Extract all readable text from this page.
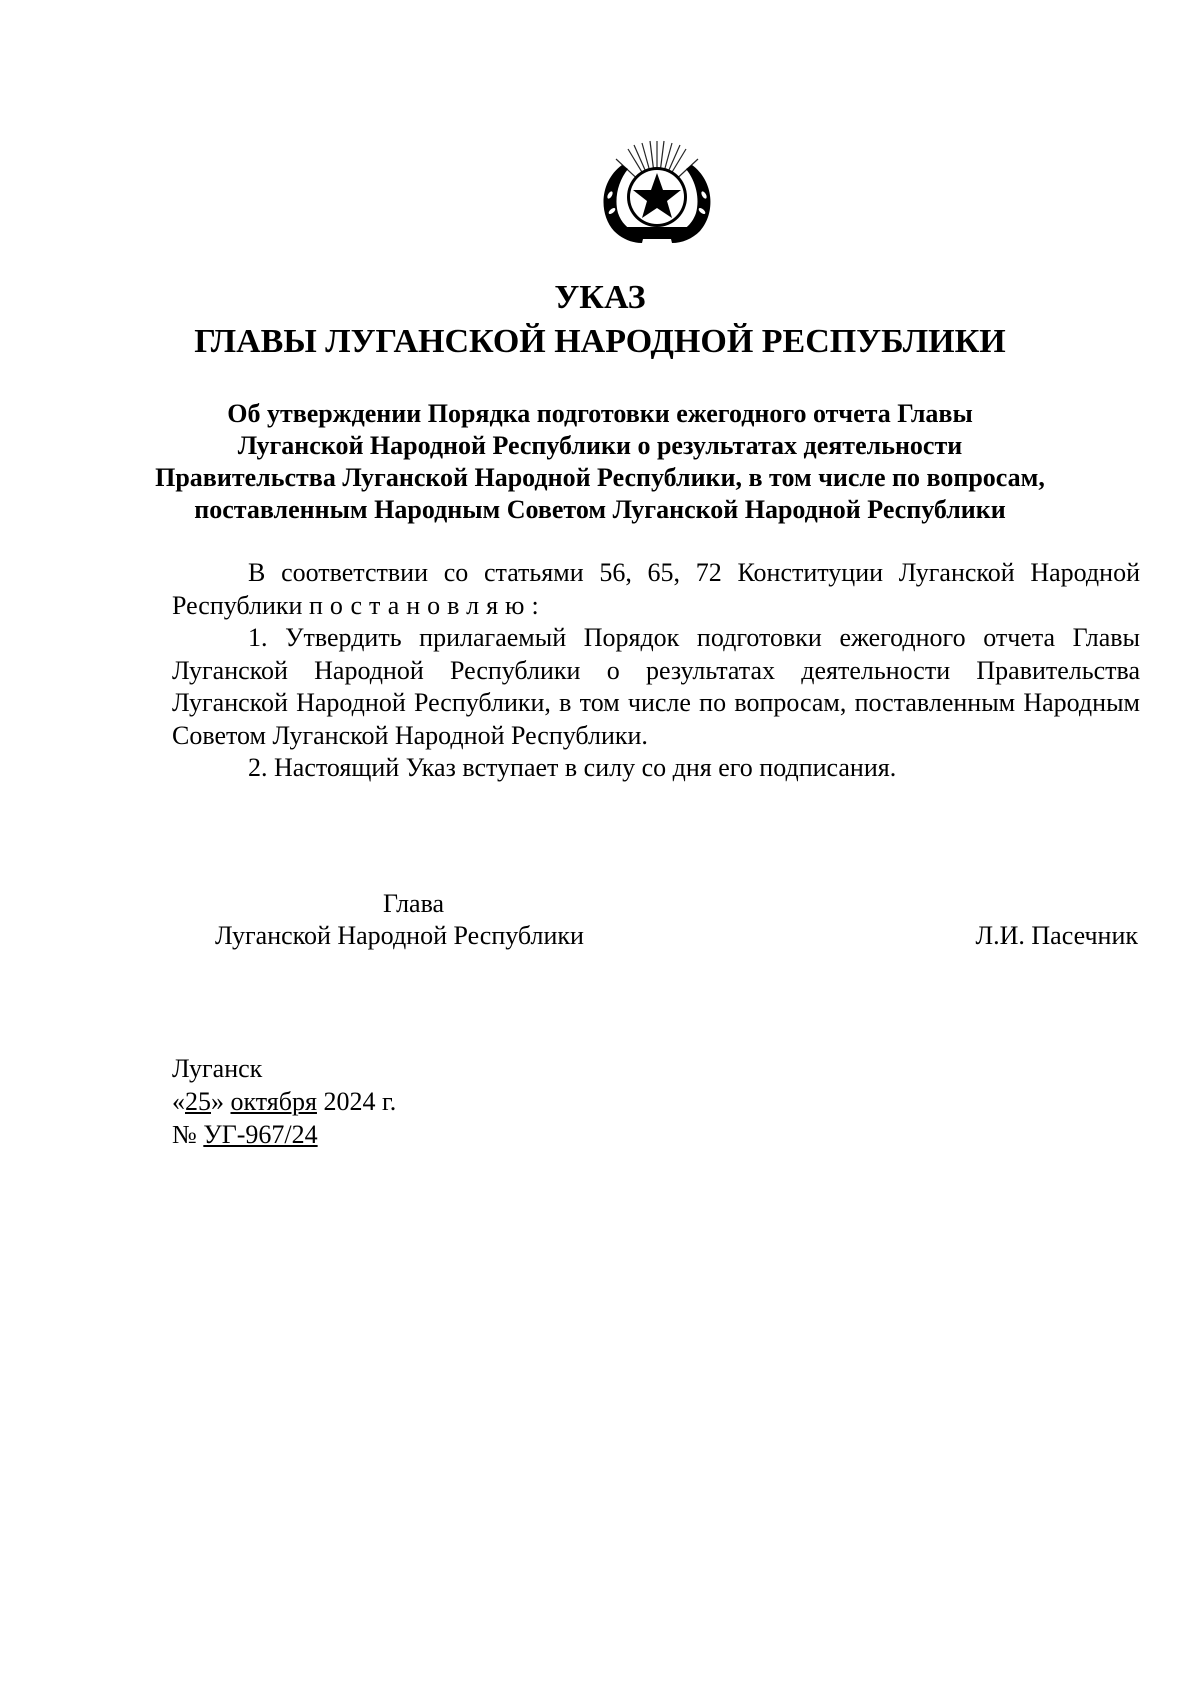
УКАЗ
ГЛАВЫ ЛУГАНСКОЙ НАРОДНОЙ РЕСПУБЛИКИ
Об утверждении Порядка подготовки ежегодного отчета Главы
Луганской Народной Республики о результатах деятельности
Правительства Луганской Народной Республики, в том числе по вопросам,
поставленным Народным Советом Луганской Народной Республики
В соответствии со статьями 56, 65, 72 Конституции Луганской Народной Республики постановляю:
1. Утвердить прилагаемый Порядок подготовки ежегодного отчета Главы Луганской Народной Республики о результатах деятельности Правительства Луганской Народной Республики, в том числе по вопросам, поставленным Народным Советом Луганской Народной Республики.
2. Настоящий Указ вступает в силу со дня его подписания.
Глава
Луганской Народной Республики	Л.И. Пасечник
Луганск
«25» октября 2024 г.
№ УГ-967/24
